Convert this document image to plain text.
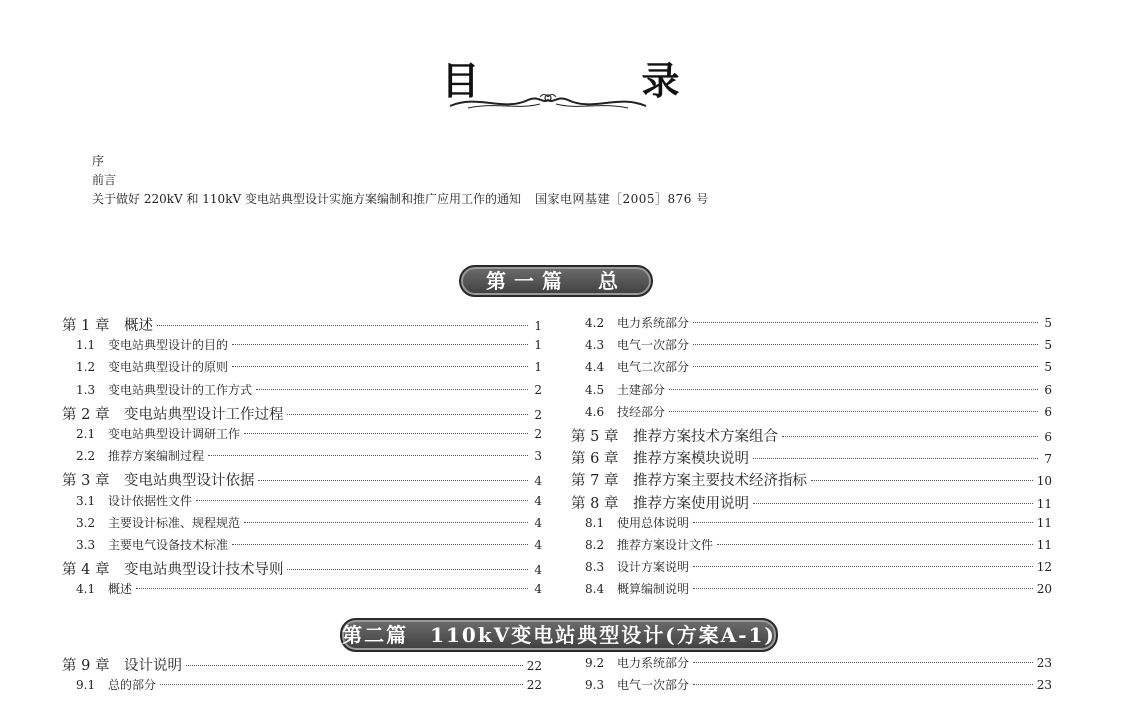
目　录
序
前言
关于做好 220kV 和 110kV 变电站典型设计实施方案编制和推广应用工作的通知 国家电网基建［2005］876 号
第一篇　总　　论
第 1 章　概述	1
1.1 变电站典型设计的目的	1
1.2 变电站典型设计的原则	1
1.3 变电站典型设计的工作方式	2
第 2 章　变电站典型设计工作过程	2
2.1 变电站典型设计调研工作	2
2.2 推荐方案编制过程	3
第 3 章　变电站典型设计依据	4
3.1 设计依据性文件	4
3.2 主要设计标准、规程规范	4
3.3 主要电气设备技术标准	4
第 4 章　变电站典型设计技术导则	4
4.1 概述	4
4.2 电力系统部分	5
4.3 电气一次部分	5
4.4 电气二次部分	5
4.5 土建部分	6
4.6 技经部分	6
第 5 章　推荐方案技术方案组合	6
第 6 章　推荐方案模块说明	7
第 7 章　推荐方案主要技术经济指标	10
第 8 章　推荐方案使用说明	11
8.1 使用总体说明	11
8.2 推荐方案设计文件	11
8.3 设计方案说明	12
8.4 概算编制说明	20
第二篇　110kV变电站典型设计(方案A-1)
第 9 章　设计说明	22
9.1 总的部分	22
9.2 电力系统部分	23
9.3 电气一次部分	23
